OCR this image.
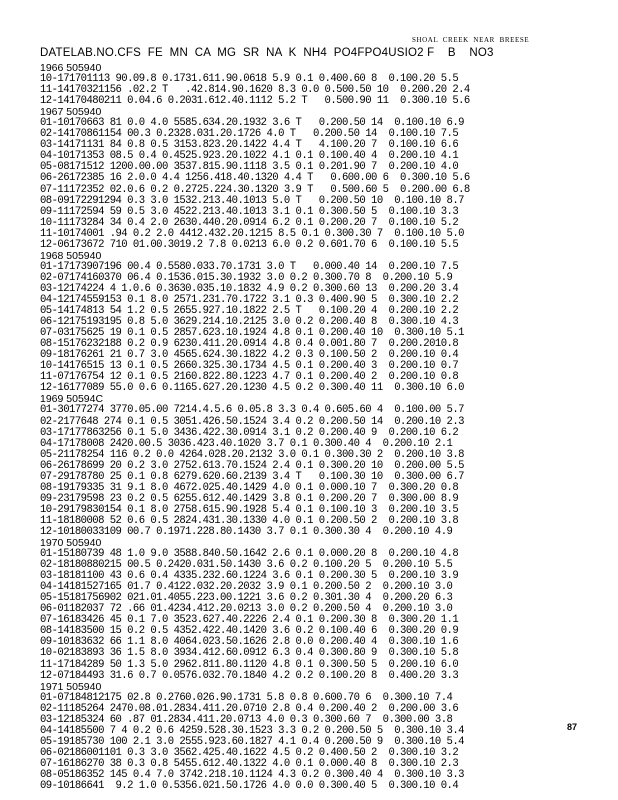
SHOAL  CREEK  NEAR  BREESE
DATELAB.NO.CFS  FE  MN  CA  MG  SR  NA  K  NH4  PO4FPO4USIO2 F    B    NO3
1966 505940
10-171701113 90.09.8 0.1731.611.90.0618 5.9 0.1 0.400.60 8  0.100.20 5.5
11-14170321156 .02.2 T   .42.814.90.1620 8.3 0.0 0.500.50 10  0.200.20 2.4
12-14170480211 0.04.6 0.2031.612.40.1112 5.2 T   0.500.90 11  0.300.10 5.6
1967 505940
01-10170663 81 0.0 4.0 5585.634.20.1932 3.6 T   0.200.50 14  0.100.10 6.9
02-14170861154 00.3 0.2328.031.20.1726 4.0 T   0.200.50 14  0.100.10 7.5
03-14171131 84 0.8 0.5 3153.823.20.1422 4.4 T   4.100.20 7  0.100.10 6.6
04-10171353 08.5 0.4 0.4525.923.20.1022 4.1 0.1 0.100.40 4  0.200.10 4.1
05-08171512 1200.00.00 3537.815.90.1118 3.5 0.1 0.201.90 7  0.200.10 4.0
06-26172385 16 2.0.0 4.4 1256.418.40.1320 4.4 T   0.600.00 6  0.300.10 5.6
07-11172352 02.0.6 0.2 0.2725.224.30.1320 3.9 T   0.500.60 5  0.200.00 6.8
08-09172291294 0.3 3.0 1532.213.40.1013 5.0 T   0.200.50 10  0.100.10 8.7
09-11172594 59 0.5 3.0 4522.213.40.1013 3.1 0.1 0.300.50 5  0.100.10 3.3
10-11173284 34 0.4 2.0 2630.440.20.0914 6.2 0.1 0.200.20 7  0.100.10 5.2
11-10174001 .94 0.2 2.0 4412.432.20.1215 8.5 0.1 0.300.30 7  0.100.10 5.0
12-06173672 710 01.00.3019.2 7.8 0.0213 6.0 0.2 0.601.70 6  0.100.10 5.5
1968 505940
01-17173907196 00.4 0.5580.033.70.1731 3.0 T   0.000.40 14  0.200.10 7.5
02-07174160370 06.4 0.1536.015.30.1932 3.0 0.2 0.300.70 8  0.200.10 5.9
03-12174224 4 1.0.6 0.3630.035.10.1832 4.9 0.2 0.300.60 13  0.200.20 3.4
04-12174559153 0.1 8.0 2571.231.70.1722 3.1 0.3 0.400.90 5  0.300.10 2.2
05-14174813 54 1.2 0.5 2655.927.10.1822 2.5 T   0.100.20 4  0.200.10 2.2
06-12175193195 0.8 5.0 3629.214.10.2125 3.0 0.2 0.200.40 8  0.300.10 4.3
07-03175625 19 0.1 0.5 2857.623.10.1924 4.8 0.1 0.200.40 10  0.300.10 5.1
08-15176232188 0.2 0.9 6230.411.20.0914 4.8 0.4 0.001.80 7  0.200.2010.8
09-18176261 21 0.7 3.0 4565.624.30.1822 4.2 0.3 0.100.50 2  0.200.10 0.4
10-14176515 13 0.1 0.5 2660.325.30.1734 4.5 0.1 0.200.40 3  0.200.10 0.7
11-07176754 12 0.1 0.5 2160.822.80.1223 4.7 0.1 0.200.40 2  0.200.10 0.8
12-16177089 55.0 0.6 0.1165.627.20.1230 4.5 0.2 0.300.40 11  0.300.10 6.0
1969 50594C
01-30177274 3770.05.00 7214.4.5.6 0.05.8 3.3 0.4 0.605.60 4  0.100.00 5.7
02-2177648 274 0.1 0.5 3051.426.50.1524 3.4 0.2 0.200.50 14  0.200.10 2.3
03-17177863256 0.1 5.0 3436.422.30.0914 3.1 0.2 0.200.40 9  0.200.10 6.2
04-17178008 2420.00.5 3036.423.40.1020 3.7 0.1 0.300.40 4  0.200.10 2.1
05-21178254 116 0.2 0.0 4264.028.20.2132 3.0 0.1 0.300.30 2  0.200.10 3.8
06-26178699 20 0.2 3.0 2752.613.70.1524 2.4 0.1 0.300.20 10  0.200.00 5.5
07-29178780 25 0.1 0.8 6279.620.60.2139 3.4 T   0.100.30 10  0.300.00 6.7
08-19179335 31 9.1 8.0 4672.025.40.1429 4.0 0.1 0.000.10 7  0.300.20 0.8
09-23179598 23 0.2 0.5 6255.612.40.1429 3.8 0.1 0.200.20 7  0.300.00 8.9
10-29179830154 0.1 8.0 2758.615.90.1928 5.4 0.1 0.100.10 3  0.200.10 3.5
11-18180008 52 0.6 0.5 2824.431.30.1330 4.0 0.1 0.200.50 2  0.200.10 3.8
12-10180033109 00.7 0.1971.228.80.1430 3.7 0.1 0.300.30 4  0.200.10 4.9
1970 505940
01-15180739 48 1.0 9.0 3588.840.50.1642 2.6 0.1 0.000.20 8  0.200.10 4.8
02-18180880215 00.5 0.2420.031.50.1430 3.6 0.2 0.100.20 5  0.200.10 5.5
03-18181100 43 0.6 0.4 4335.232.60.1224 3.6 0.1 0.200.30 5  0.200.10 3.9
04-14181527165 01.7 0.4122.032.20.2032 3.9 0.1 0.200.50 2  0.200.10 3.0
05-15181756902 021.01.4055.223.00.1221 3.6 0.2 0.301.30 4  0.200.20 6.3
06-01182037 72 .66 01.4234.412.20.0213 3.0 0.2 0.200.50 4  0.200.10 3.0
07-16183426 45 0.1 7.0 3523.627.40.2226 2.4 0.1 0.200.30 8  0.300.20 1.1
08-14183500 15 0.2 0.5 4352.422.40.1420 3.6 0.2 0.100.40 6  0.300.20 0.9
09-10183632 66 1.1 8.0 4064.023.50.1626 2.8 0.0 0.200.40 4  0.300.10 1.6
10-02183893 36 1.5 8.0 3934.412.60.0912 6.3 0.4 0.300.80 9  0.300.10 5.8
11-17184289 50 1.3 5.0 2962.811.80.1120 4.8 0.1 0.300.50 5  0.200.10 6.0
12-07184493 31.6 0.7 0.0576.032.70.1840 4.2 0.2 0.100.20 8  0.400.20 3.3
1971 505940
01-07184812175 02.8 0.2760.026.90.1731 5.8 0.8 0.600.70 6  0.300.10 7.4
02-11185264 2470.08.01.2834.411.20.0710 2.8 0.4 0.200.40 2  0.200.00 3.6
03-12185324 60 .87 01.2834.411.20.0713 4.0 0.3 0.300.60 7  0.300.00 3.8
04-14185500 7 4 0.2 0.6 4259.528.30.1523 3.3 0.2 0.200.50 5  0.300.10 3.4
05-19185730 100 2.1 3.0 2555.923.60.1827 4.1 0.4 0.200.50 9  0.300.10 5.4
06-02186001101 0.3 3.0 3562.425.40.1622 4.5 0.2 0.400.50 2  0.300.10 3.2
07-16186270 38 0.3 0.8 5455.612.40.1322 4.0 0.1 0.000.40 8  0.300.10 2.3
08-05186352 145 0.4 7.0 3742.218.10.1124 4.3 0.2 0.300.40 4  0.300.10 3.3
09-10186641  9.2 1.0 0.5356.021.50.1726 4.0 0.0 0.300.40 5  0.300.10 0.4
87
